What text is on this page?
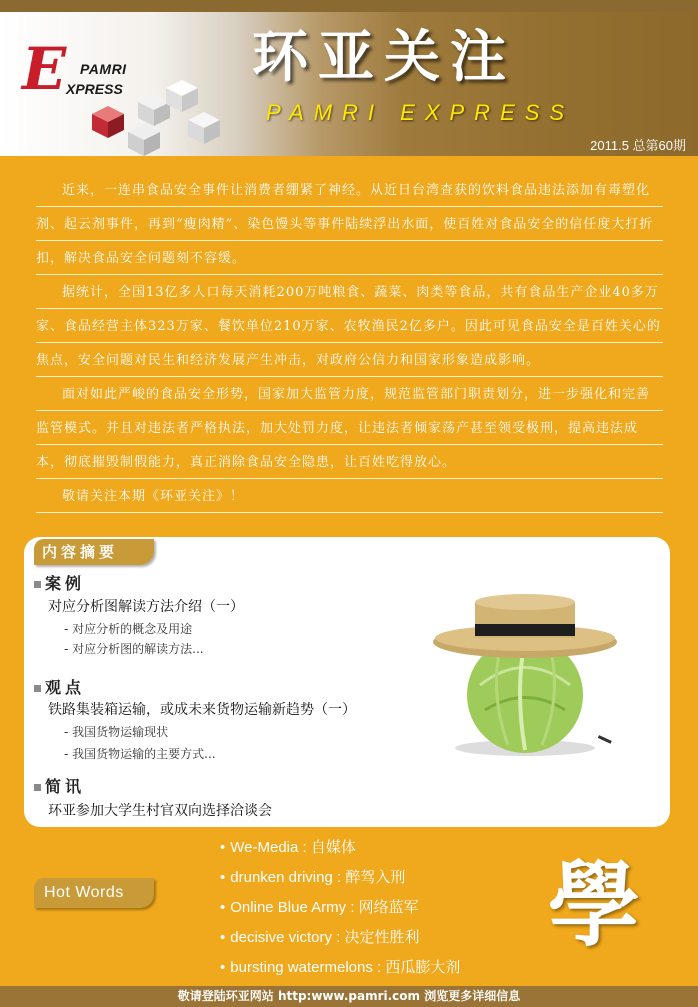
E PAMRI
XPRESS 环亚关注
PAMRI EXPRESS
2011.5 总第60期

近来，一连串食品安全事件让消费者绷紧了神经。从近日台湾查获的饮料食品违法添加有毒塑化剂、起云剂事件，再到“瘦肉精”、染色馒头等事件陆续浮出水面，使百姓对食品安全的信任度大打折扣，解决食品安全问题刻不容缓。

据统计，全国13亿多人口每天消耗200万吨粮食、蔬菜、肉类等食品，共有食品生产企业40多万家、食品经营主体323万家、餐饮单位210万家、农牧渔民2亿多户。因此可见食品安全是百姓关心的焦点，安全问题对民生和经济发展产生冲击，对政府公信力和国家形象造成影响。

面对如此严峻的食品安全形势，国家加大监管力度，规范监管部门职责划分，进一步强化和完善监管模式。并且对违法者严格执法，加大处罚力度，让违法者倾家荡产甚至领受极刑，提高违法成本，彻底摧毁制假能力，真正消除食品安全隐患，让百姓吃得放心。

敬请关注本期《环亚关注》！

内容摘要
案例
对应分析图解读方法介绍（一）
- 对应分析的概念及用途
- 对应分析图的解读方法...
观点
铁路集装箱运输，或成未来货物运输新趋势（一）
- 我国货物运输现状
- 我国货物运输的主要方式...
简讯
环亚参加大学生村官双向选择洽谈会
Hot Words
• We-Media : 自媒体
• drunken driving : 醉驾入刑
• Online Blue Army : 网络蓝军
• decisive victory : 决定性胜利
• bursting watermelons : 西瓜膨大剂
學
敬请登陆环亚网站 http:www.pamri.com 浏览更多详细信息
